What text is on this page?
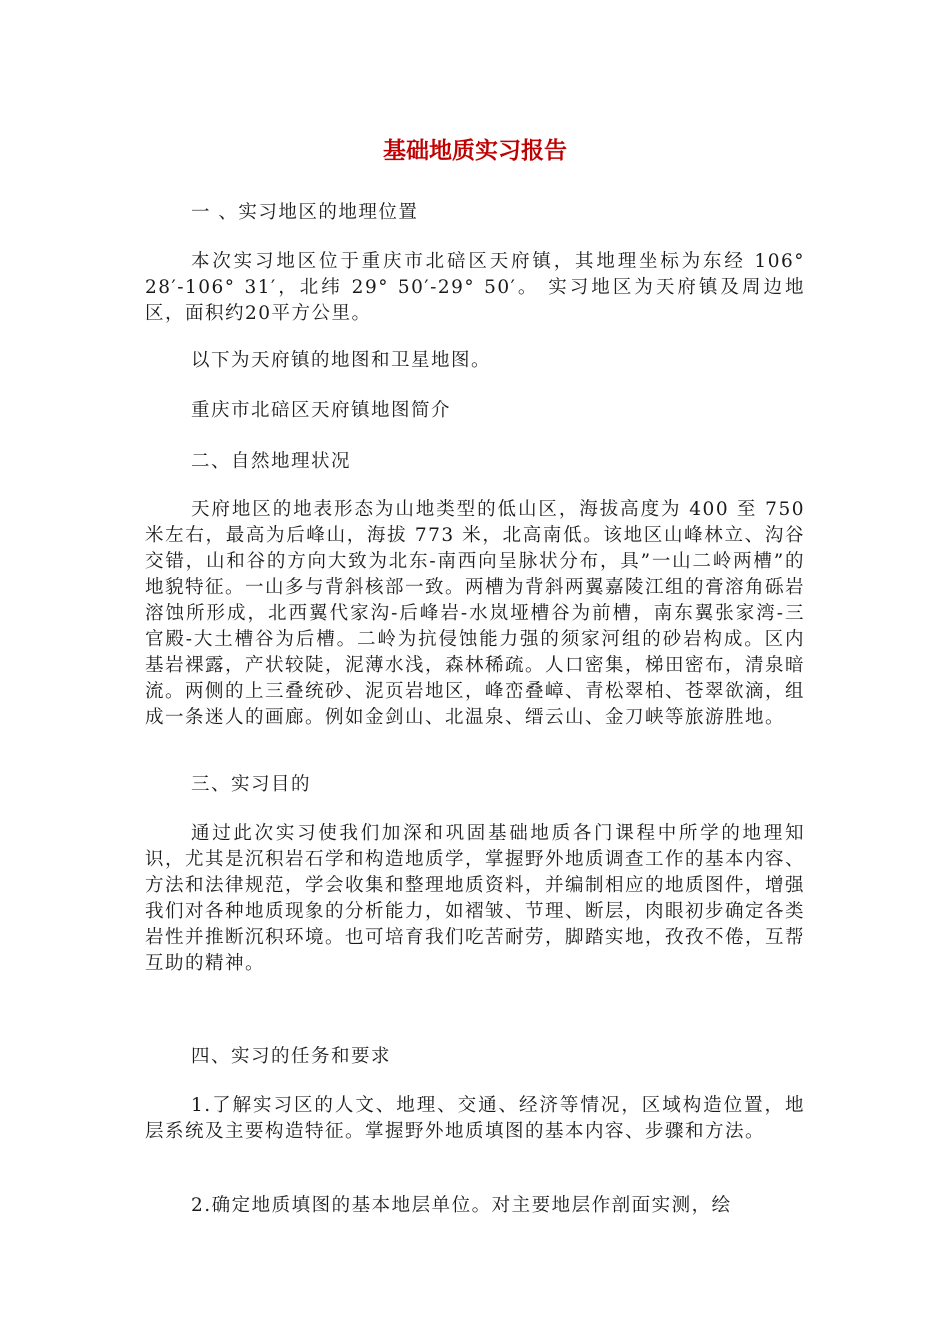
基础地质实习报告

一 、实习地区的地理位置

本次实习地区位于重庆市北碚区天府镇，其地理坐标为东经 106° 28′-106° 31′，北纬 29° 50′-29° 50′。 实习地区为天府镇及周边地区，面积约20平方公里。

以下为天府镇的地图和卫星地图。

重庆市北碚区天府镇地图简介

二、自然地理状况

天府地区的地表形态为山地类型的低山区，海拔高度为 400 至 750 米左右，最高为后峰山，海拔 773 米，北高南低。该地区山峰林立、沟谷交错，山和谷的方向大致为北东-南西向呈脉状分布，具”一山二岭两槽”的地貌特征。一山多与背斜核部一致。两槽为背斜两翼嘉陵江组的膏溶角砾岩溶蚀所形成，北西翼代家沟-后峰岩-水岚垭槽谷为前槽，南东翼张家湾-三官殿-大土槽谷为后槽。二岭为抗侵蚀能力强的须家河组的砂岩构成。区内基岩裸露，产状较陡，泥薄水浅，森林稀疏。人口密集，梯田密布，清泉暗流。两侧的上三叠统砂、泥页岩地区，峰峦叠嶂、青松翠柏、苍翠欲滴，组成一条迷人的画廊。例如金剑山、北温泉、缙云山、金刀峡等旅游胜地。

三、实习目的

通过此次实习使我们加深和巩固基础地质各门课程中所学的地理知识，尤其是沉积岩石学和构造地质学，掌握野外地质调查工作的基本内容、方法和法律规范，学会收集和整理地质资料，并编制相应的地质图件，增强我们对各种地质现象的分析能力，如褶皱、节理、断层，肉眼初步确定各类岩性并推断沉积环境。也可培育我们吃苦耐劳，脚踏实地，孜孜不倦，互帮互助的精神。

四、实习的任务和要求

1.了解实习区的人文、地理、交通、经济等情况，区域构造位置，地层系统及主要构造特征。掌握野外地质填图的基本内容、步骤和方法。

2.确定地质填图的基本地层单位。对主要地层作剖面实测，绘
